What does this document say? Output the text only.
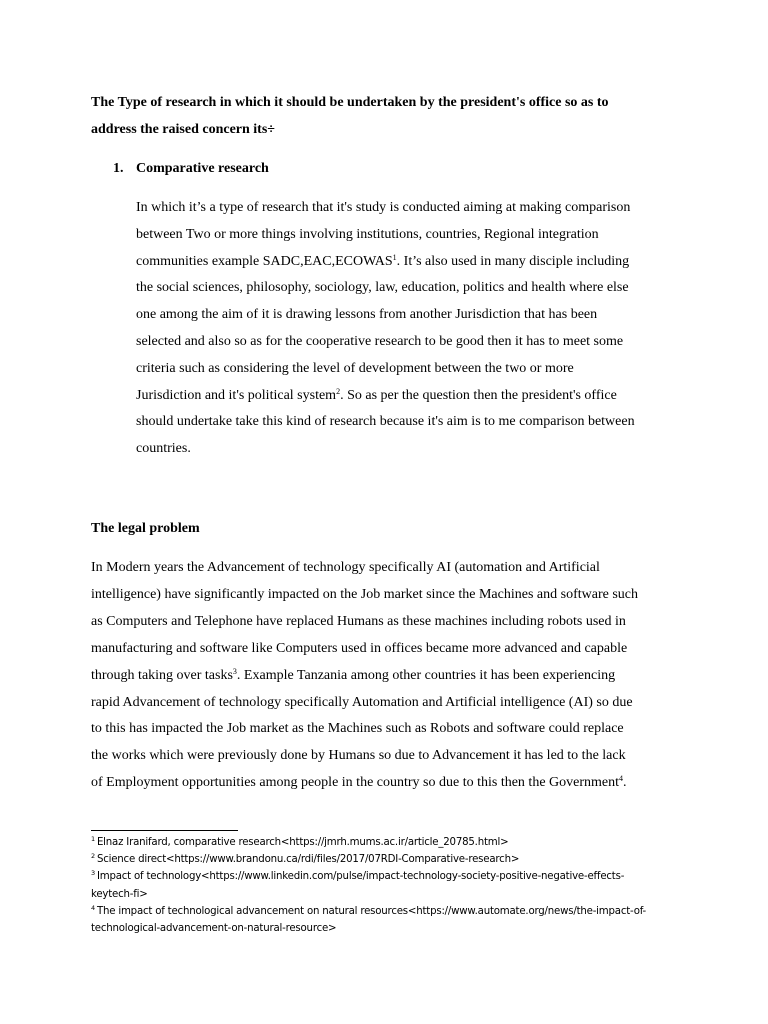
The Type of research in which it should be undertaken by the president's office so as to
address the raised concern its÷
1. Comparative research
In which it’s a type of research that it's study is conducted aiming at making comparison
between Two or more things involving institutions, countries, Regional integration
communities example SADC,EAC,ECOWAS$^1$. It’s also used in many disciple including
the social sciences, philosophy, sociology, law, education, politics and health where else
one among the aim of it is drawing lessons from another Jurisdiction that has been
selected and also so as for the cooperative research to be good then it has to meet some
criteria such as considering the level of development between the two or more
Jurisdiction and it's political system$^2$. So as per the question then the president's office
should undertake take this kind of research because it's aim is to me comparison between
countries.
The legal problem
In Modern years the Advancement of technology specifically AI (automation and Artificial
intelligence) have significantly impacted on the Job market since the Machines and software such
as Computers and Telephone have replaced Humans as these machines including robots used in
manufacturing and software like Computers used in offices became more advanced and capable
through taking over tasks$^3$. Example Tanzania among other countries it has been experiencing
rapid Advancement of technology specifically Automation and Artificial intelligence (AI) so due
to this has impacted the Job market as the Machines such as Robots and software could replace
the works which were previously done by Humans so due to Advancement it has led to the lack
of Employment opportunities among people in the country so due to this then the Government$^4$.
$^1$ Elnaz Iranifard, comparative research<https://jmrh.mums.ac.ir/article_20785.html>
$^2$ Science direct<https://www.brandonu.ca/rdi/files/2017/07RDI-Comparative-research>
$^3$ Impact of technology<https://www.linkedin.com/pulse/impact-technology-society-positive-negative-effects-
keytech-fi>
$^4$ The impact of technological advancement on natural resources<https://www.automate.org/news/the-impact-of-
technological-advancement-on-natural-resource>
